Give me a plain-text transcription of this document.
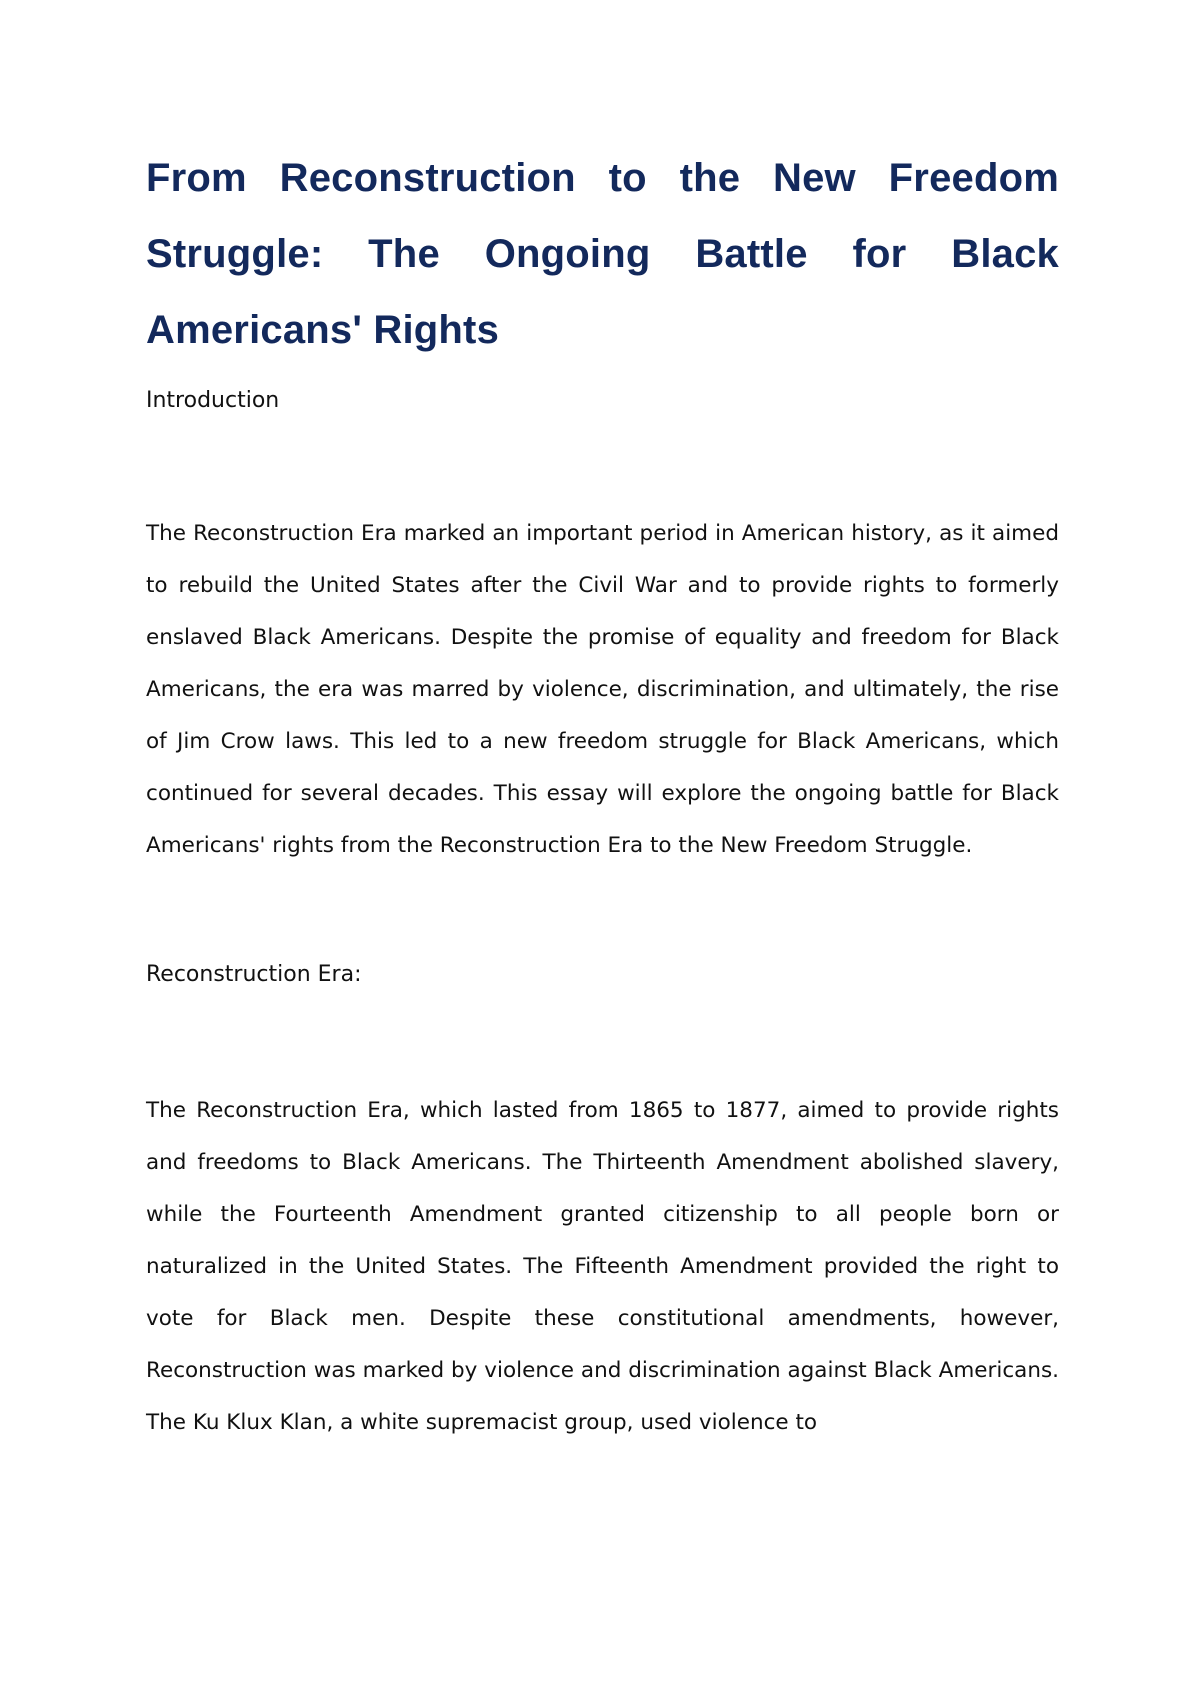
From Reconstruction to the New Freedom Struggle: The Ongoing Battle for Black Americans' Rights

Introduction

The Reconstruction Era marked an important period in American history, as it aimed to rebuild the United States after the Civil War and to provide rights to formerly enslaved Black Americans. Despite the promise of equality and freedom for Black Americans, the era was marred by violence, discrimination, and ultimately, the rise of Jim Crow laws. This led to a new freedom struggle for Black Americans, which continued for several decades. This essay will explore the ongoing battle for Black Americans' rights from the Reconstruction Era to the New Freedom Struggle.

Reconstruction Era:

The Reconstruction Era, which lasted from 1865 to 1877, aimed to provide rights and freedoms to Black Americans. The Thirteenth Amendment abolished slavery, while the Fourteenth Amendment granted citizenship to all people born or naturalized in the United States. The Fifteenth Amendment provided the right to vote for Black men. Despite these constitutional amendments, however, Reconstruction was marked by violence and discrimination against Black Americans. The Ku Klux Klan, a white supremacist group, used violence to
